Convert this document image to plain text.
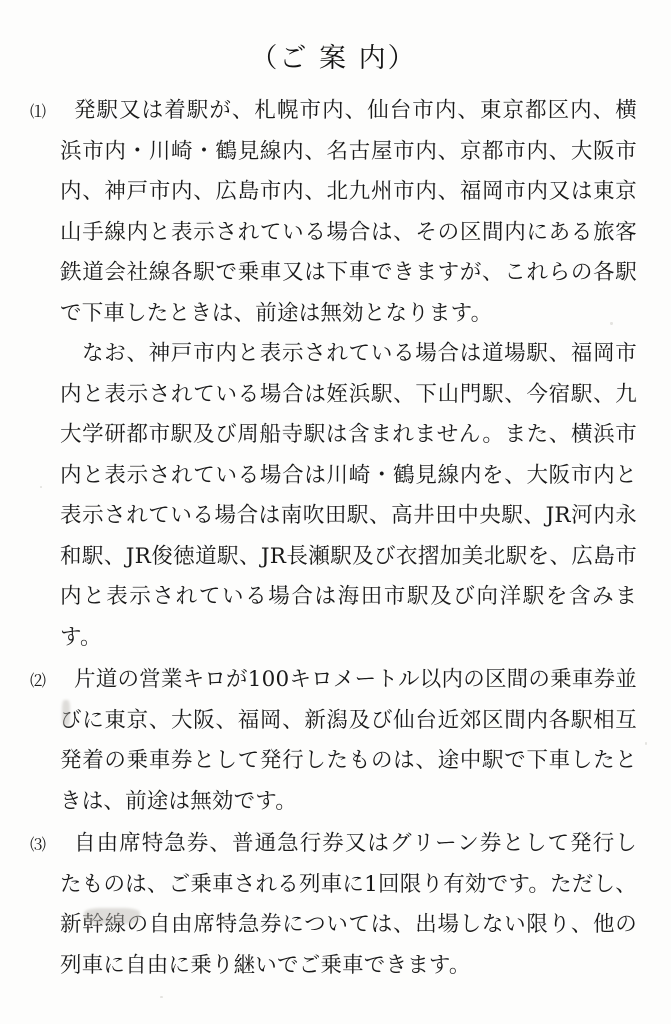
（ご 案 内）
⑴	発駅又は着駅が、札幌市内、仙台市内、東京都区内、横浜市内・川崎・鶴見線内、名古屋市内、京都市内、大阪市内、神戸市内、広島市内、北九州市内、福岡市内又は東京山手線内と表示されている場合は、その区間内にある旅客鉄道会社線各駅で乗車又は下車できますが、これらの各駅で下車したときは、前途は無効となります。

なお、神戸市内と表示されている場合は道場駅、福岡市内と表示されている場合は姪浜駅、下山門駅、今宿駅、九大学研都市駅及び周船寺駅は含まれません。また、横浜市内と表示されている場合は川崎・鶴見線内を、大阪市内と表示されている場合は南吹田駅、高井田中央駅、JR河内永和駅、JR俊徳道駅、JR長瀬駅及び衣摺加美北駅を、広島市内と表示されている場合は海田市駅及び向洋駅を含みます。

⑵	片道の営業キロが100キロメートル以内の区間の乗車券並びに東京、大阪、福岡、新潟及び仙台近郊区間内各駅相互発着の乗車券として発行したものは、途中駅で下車したときは、前途は無効です。

⑶	自由席特急券、普通急行券又はグリーン券として発行したものは、ご乗車される列車に1回限り有効です。ただし、新幹線の自由席特急券については、出場しない限り、他の列車に自由に乗り継いでご乗車できます。
